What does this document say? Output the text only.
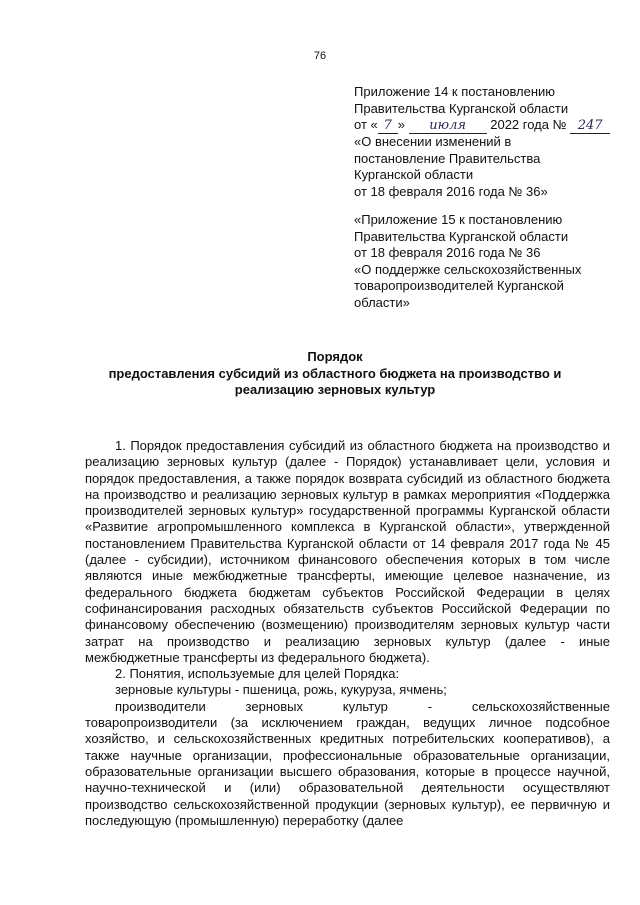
76
Приложение 14 к постановлению
Правительства Курганской области
от « 7 » июля 2022 года № 247
«О внесении изменений в
постановление Правительства
Курганской области
от 18 февраля 2016 года № 36»
«Приложение 15 к постановлению
Правительства Курганской области
от 18 февраля 2016 года № 36
«О поддержке сельскохозяйственных
товаропроизводителей Курганской
области»
Порядок
предоставления субсидий из областного бюджета на производство и
реализацию зерновых культур

1. Порядок предоставления субсидий из областного бюджета на производство и реализацию зерновых культур (далее - Порядок) устанавливает цели, условия и порядок предоставления, а также порядок возврата субсидий из областного бюджета на производство и реализацию зерновых культур в рамках мероприятия «Поддержка производителей зерновых культур» государственной программы Курганской области «Развитие агропромышленного комплекса в Курганской области», утвержденной постановлением Правительства Курганской области от 14 февраля 2017 года № 45 (далее - субсидии), источником финансового обеспечения которых в том числе являются иные межбюджетные трансферты, имеющие целевое назначение, из федерального бюджета бюджетам субъектов Российской Федерации в целях софинансирования расходных обязательств субъектов Российской Федерации по финансовому обеспечению (возмещению) производителям зерновых культур части затрат на производство и реализацию зерновых культур (далее - иные межбюджетные трансферты из федерального бюджета).

2. Понятия, используемые для целей Порядка:
зерновые культуры - пшеница, рожь, кукуруза, ячмень;
производители зерновых культур - сельскохозяйственные

товаропроизводители (за исключением граждан, ведущих личное подсобное хозяйство, и сельскохозяйственных кредитных потребительских кооперативов), а также научные организации, профессиональные образовательные организации, образовательные организации высшего образования, которые в процессе научной, научно-технической и (или) образовательной деятельности осуществляют производство сельскохозяйственной продукции (зерновых культур), ее первичную и последующую (промышленную) переработку (далее
